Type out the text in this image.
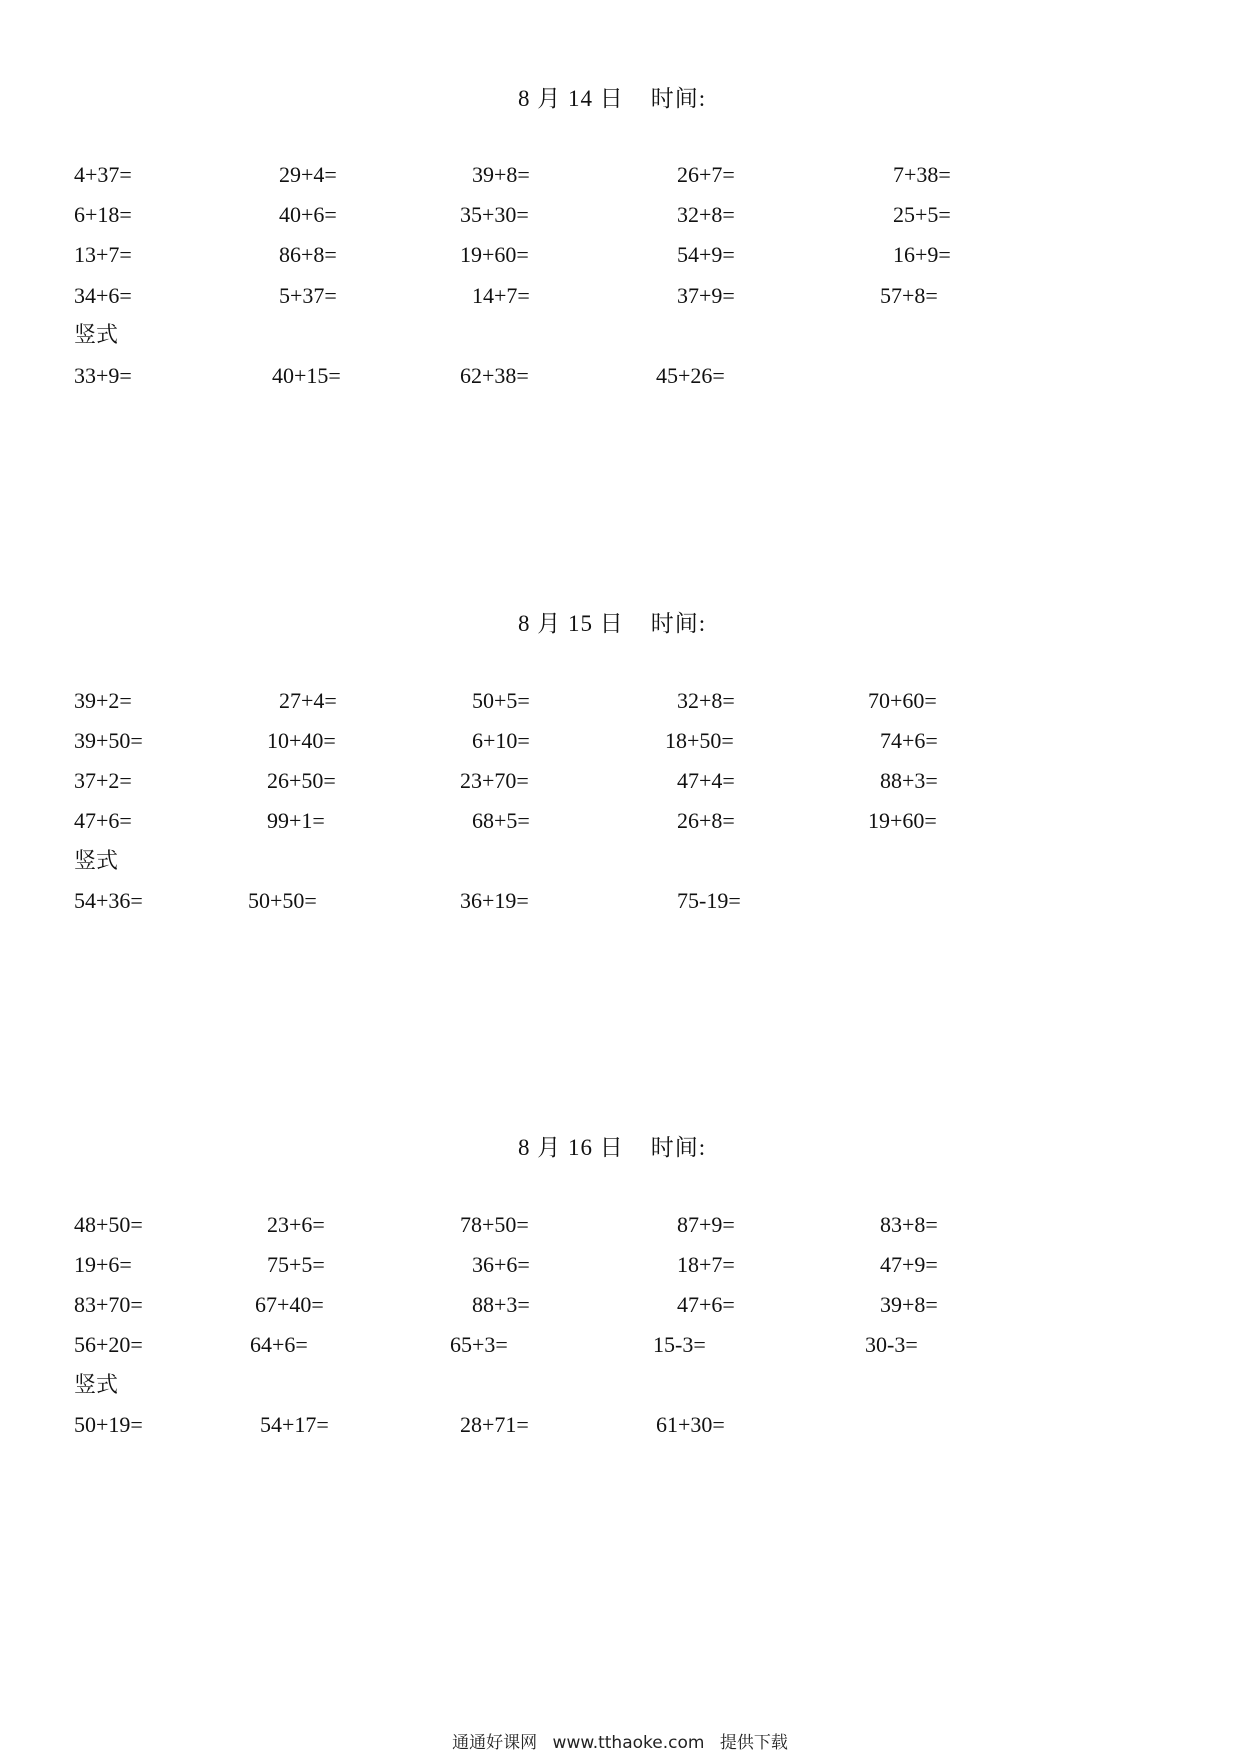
8 月 14 日    时间:
4+37=	29+4=	39+8=	26+7=	7+38=
6+18=	40+6=	35+30=	32+8=	25+5=
13+7=	86+8=	19+60=	54+9=	16+9=
34+6=	5+37=	14+7=	37+9=	57+8=
竖式
33+9=	40+15=	62+38=	45+26=
8 月 15 日    时间:
39+2=	27+4=	50+5=	32+8=	70+60=
39+50=	10+40=	6+10=	18+50=	74+6=
37+2=	26+50=	23+70=	47+4=	88+3=
47+6=	99+1=	68+5=	26+8=	19+60=
竖式
54+36=	50+50=	36+19=	75-19=
8 月 16 日    时间:
48+50=	23+6=	78+50=	87+9=	83+8=
19+6=	75+5=	36+6=	18+7=	47+9=
83+70=	67+40=	88+3=	47+6=	39+8=
56+20=	64+6=	65+3=	15-3=	30-3=
竖式
50+19=	54+17=	28+71=	61+30=
通通好课网 www.tthaoke.com 提供下载
